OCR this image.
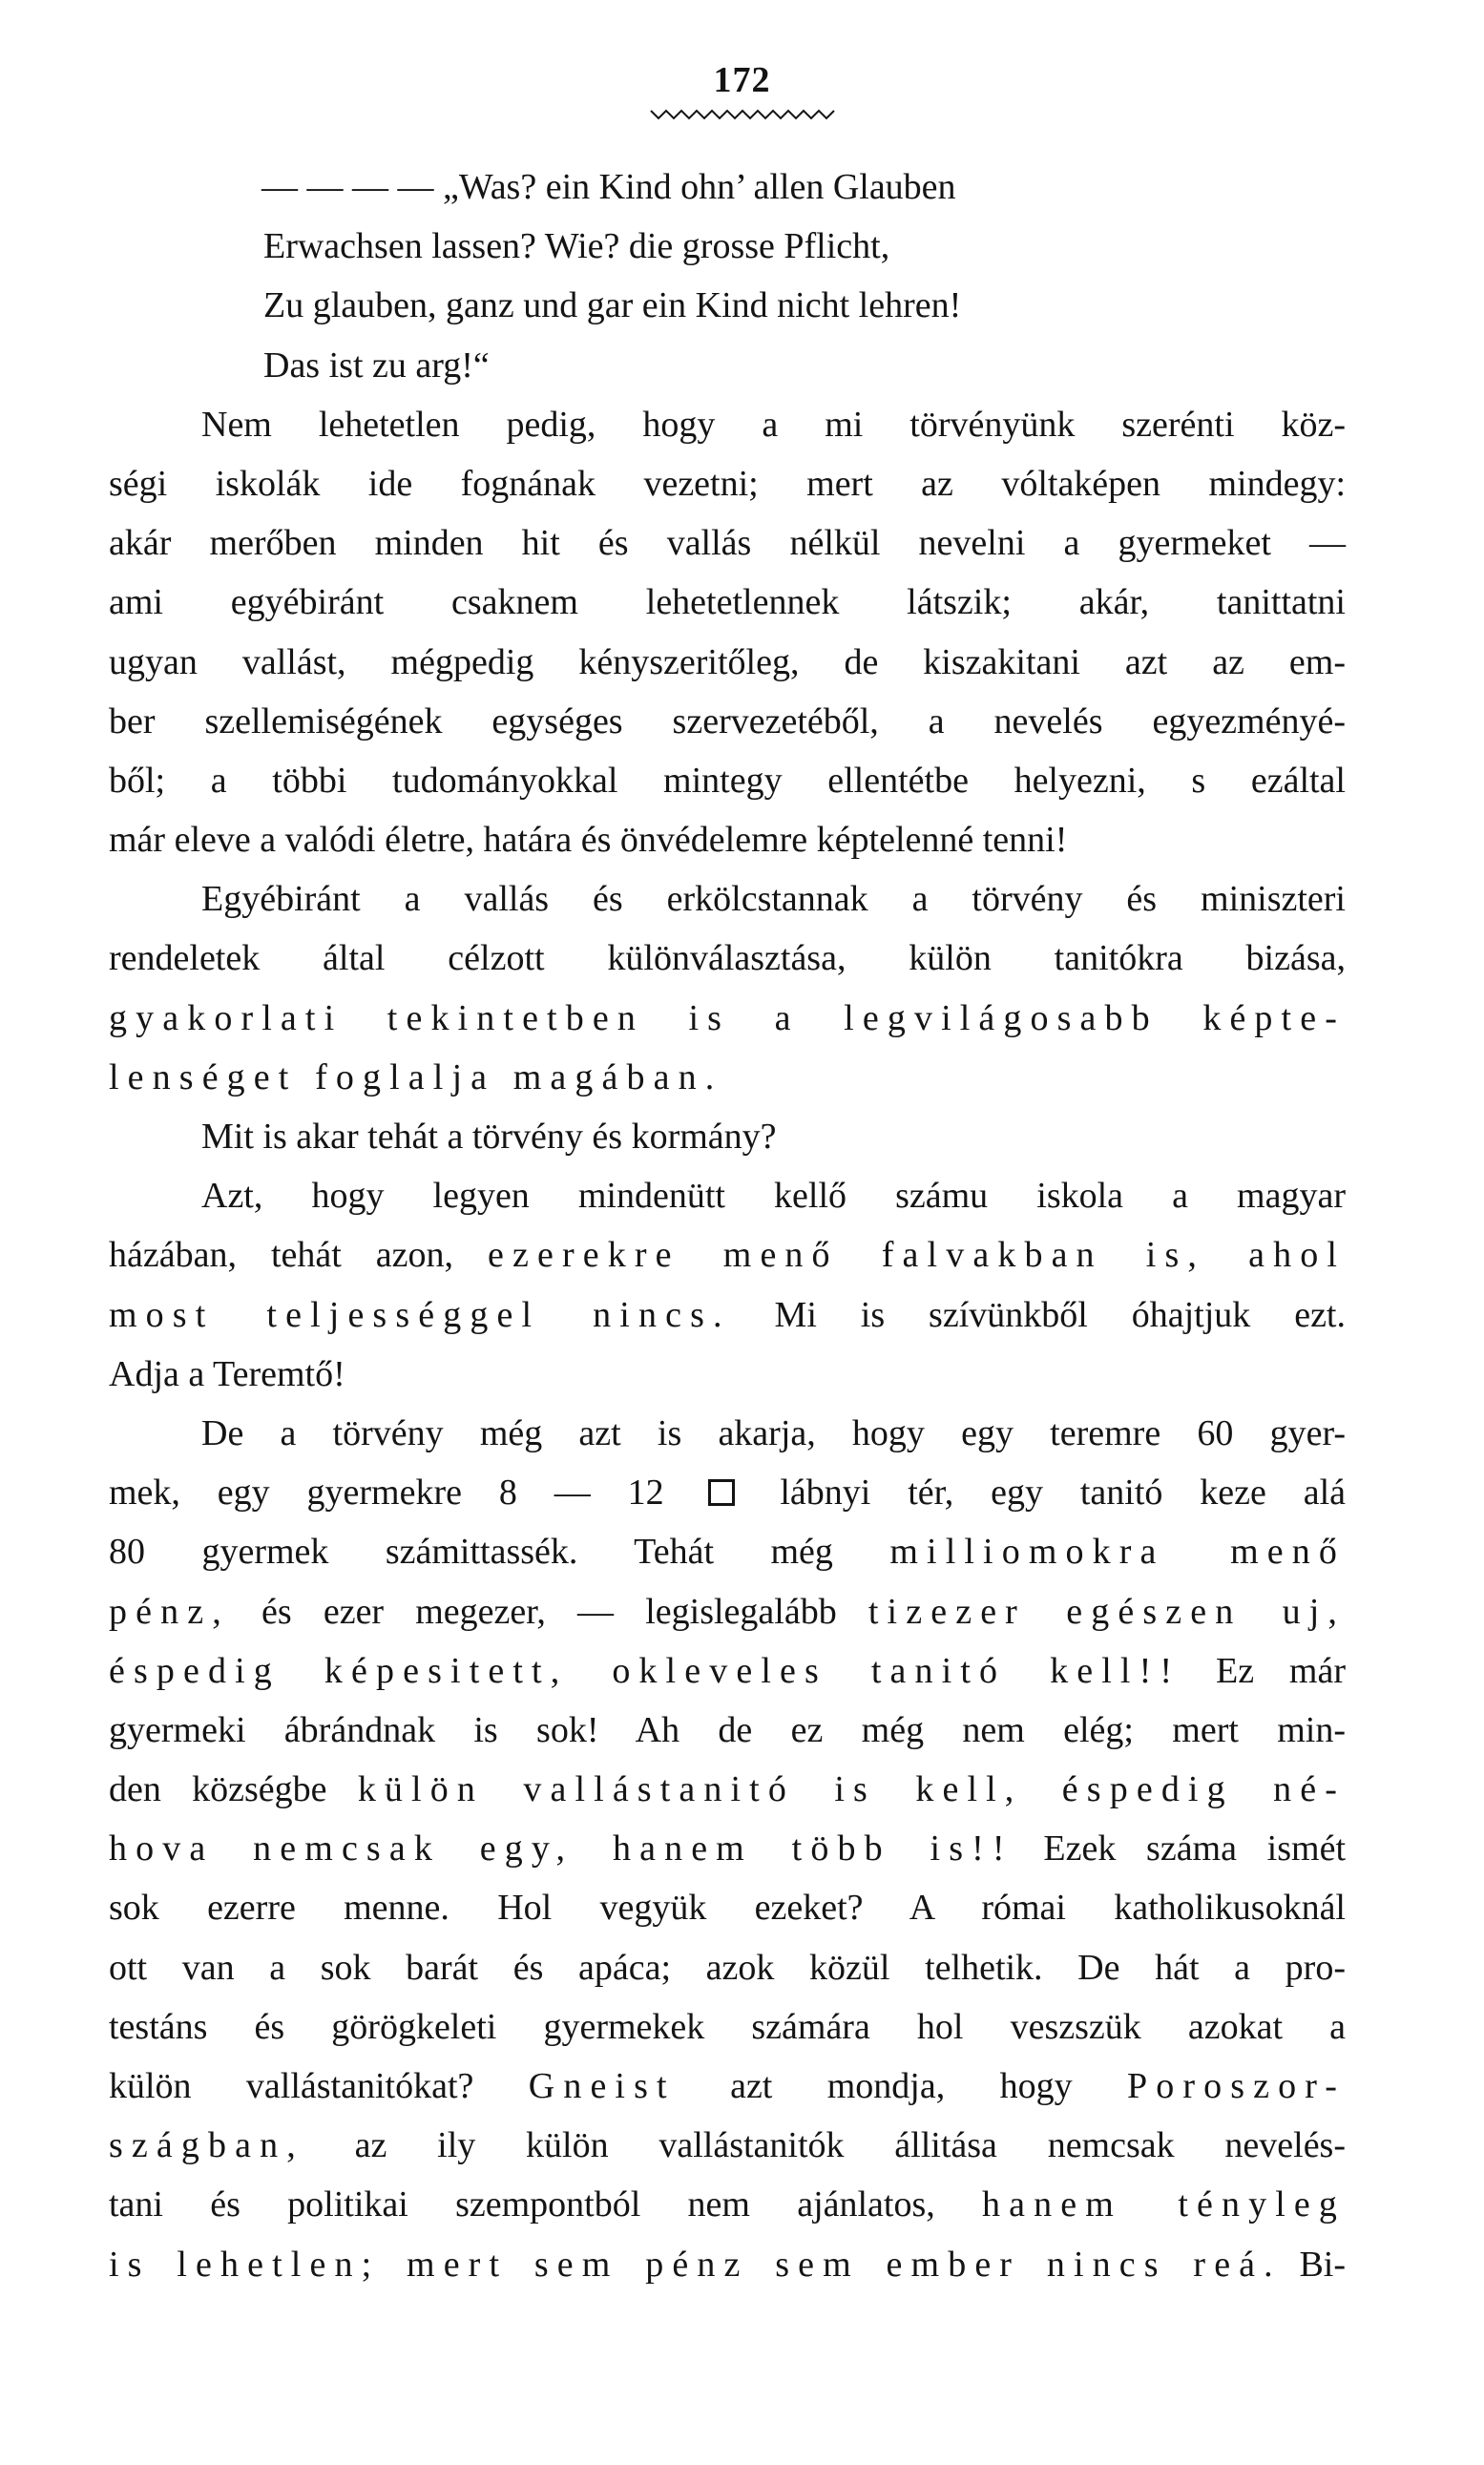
172
— — — — „Was? ein Kind ohn’ allen Glauben
Erwachsen lassen? Wie? die grosse Pflicht,
Zu glauben, ganz und gar ein Kind nicht lehren!
Das ist zu arg!“
Nem lehetetlen pedig, hogy a mi törvényünk szerénti köz-
ségi iskolák ide fognának vezetni; mert az vóltaképen mindegy:
akár merőben minden hit és vallás nélkül nevelni a gyermeket —
ami egyébiránt csaknem lehetetlennek látszik; akár, tanittatni
ugyan vallást, mégpedig kényszeritőleg, de kiszakitani azt az em-
ber szellemiségének egységes szervezetéből, a nevelés egyezményé-
ből; a többi tudományokkal mintegy ellentétbe helyezni, s ezáltal
már eleve a valódi életre, határa és önvédelemre képtelenné tenni!
Egyébiránt a vallás és erkölcstannak a törvény és miniszteri
rendeletek által célzott különválasztása, külön tanitókra bizása,
gyakorlati tekintetben is a legvilágosabb képte-
lenséget foglalja magában.
Mit is akar tehát a törvény és kormány?
Azt, hogy legyen mindenütt kellő számu iskola a magyar
házában, tehát azon, ezerekre menő falvakban is, ahol
most teljességgel nincs. Mi is szívünkből óhajtjuk ezt.
Adja a Teremtő!
De a törvény még azt is akarja, hogy egy teremre 60 gyer-
mek, egy gyermekre 8 — 12	lábnyi tér, egy tanitó keze alá
80 gyermek számittassék. Tehát még milliomokra menő
pénz, és ezer megezer, — legislegalább tizezer egészen uj,
éspedig képesitett, okleveles tanitó kell!! Ez már
gyermeki ábrándnak is sok! Ah de ez még nem elég; mert min-
den községbe külön vallástanitó is kell, éspedig né-
hova nemcsak egy, hanem több is!! Ezek száma ismét
sok ezerre menne. Hol vegyük ezeket? A római katholikusoknál
ott van a sok barát és apáca; azok közül telhetik. De hát a pro-
testáns és görögkeleti gyermekek számára hol veszszük azokat a
külön vallástanitókat? Gneist azt mondja, hogy Poroszor-
szágban, az ily külön vallástanitók állitása nemcsak nevelés-
tani és politikai szempontból nem ajánlatos, hanem tényleg
is lehetlen; mert sem pénz sem ember nincs reá. Bi-
